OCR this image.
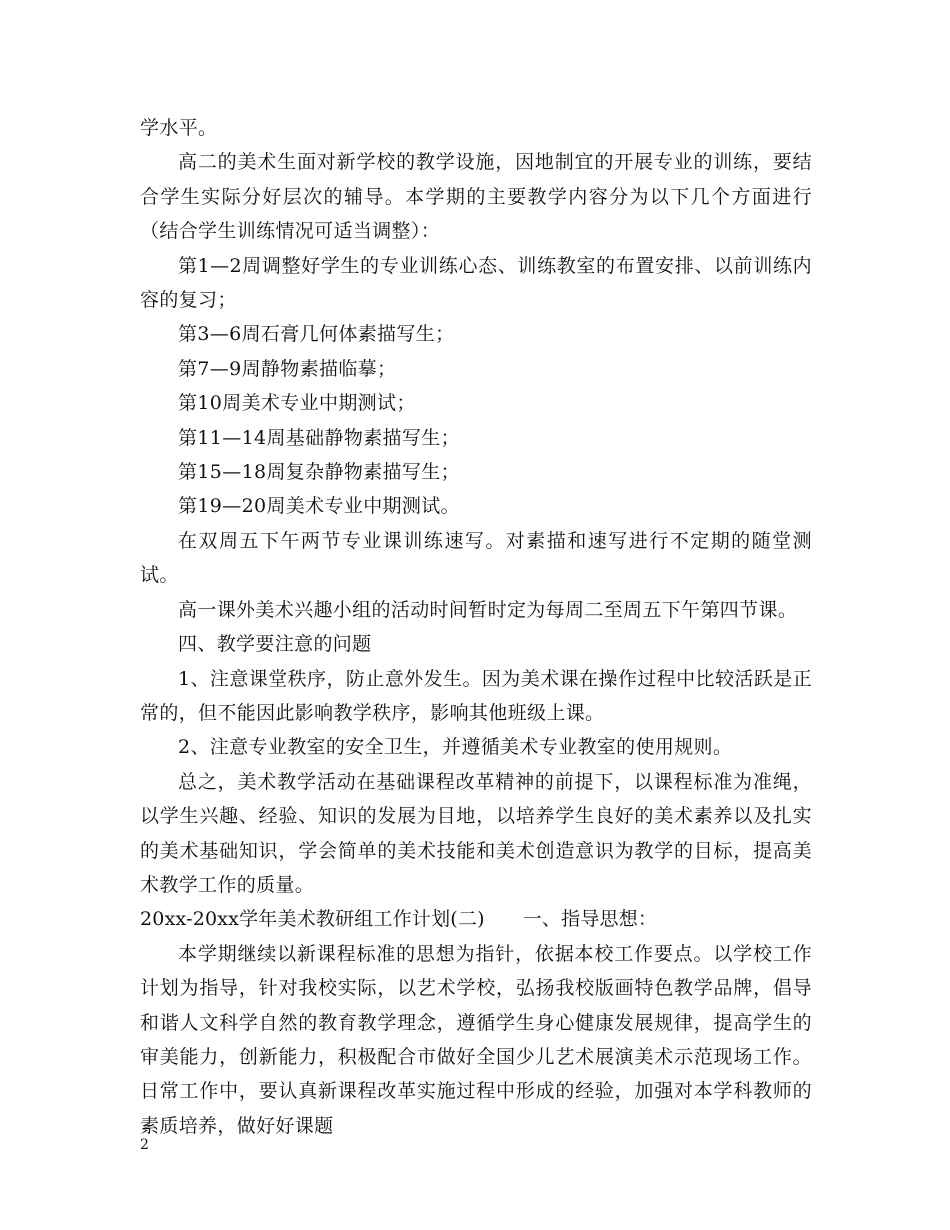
学水平。

高二的美术生面对新学校的教学设施，因地制宜的开展专业的训练，要结合学生实际分好层次的辅导。本学期的主要教学内容分为以下几个方面进行（结合学生训练情况可适当调整）：

第1—2周调整好学生的专业训练心态、训练教室的布置安排、以前训练内容的复习；

第3—6周石膏几何体素描写生；

第7—9周静物素描临摹；

第10周美术专业中期测试；

第11—14周基础静物素描写生；

第15—18周复杂静物素描写生；

第19—20周美术专业中期测试。

在双周五下午两节专业课训练速写。对素描和速写进行不定期的随堂测试。

高一课外美术兴趣小组的活动时间暂时定为每周二至周五下午第四节课。

四、教学要注意的问题

1、注意课堂秩序，防止意外发生。因为美术课在操作过程中比较活跃是正常的，但不能因此影响教学秩序，影响其他班级上课。

2、注意专业教室的安全卫生，并遵循美术专业教室的使用规则。

总之，美术教学活动在基础课程改革精神的前提下，以课程标准为准绳，以学生兴趣、经验、知识的发展为目地，以培养学生良好的美术素养以及扎实的美术基础知识，学会简单的美术技能和美术创造意识为教学的目标，提高美术教学工作的质量。

20xx-20xx学年美术教研组工作计划(二) 一、指导思想：

本学期继续以新课程标准的思想为指针，依据本校工作要点。以学校工作计划为指导，针对我校实际，以艺术学校，弘扬我校版画特色教学品牌，倡导和谐人文科学自然的教育教学理念，遵循学生身心健康发展规律，提高学生的审美能力，创新能力，积极配合市做好全国少儿艺术展演美术示范现场工作。日常工作中，要认真新课程改革实施过程中形成的经验，加强对本学科教师的素质培养，做好好课题

2
